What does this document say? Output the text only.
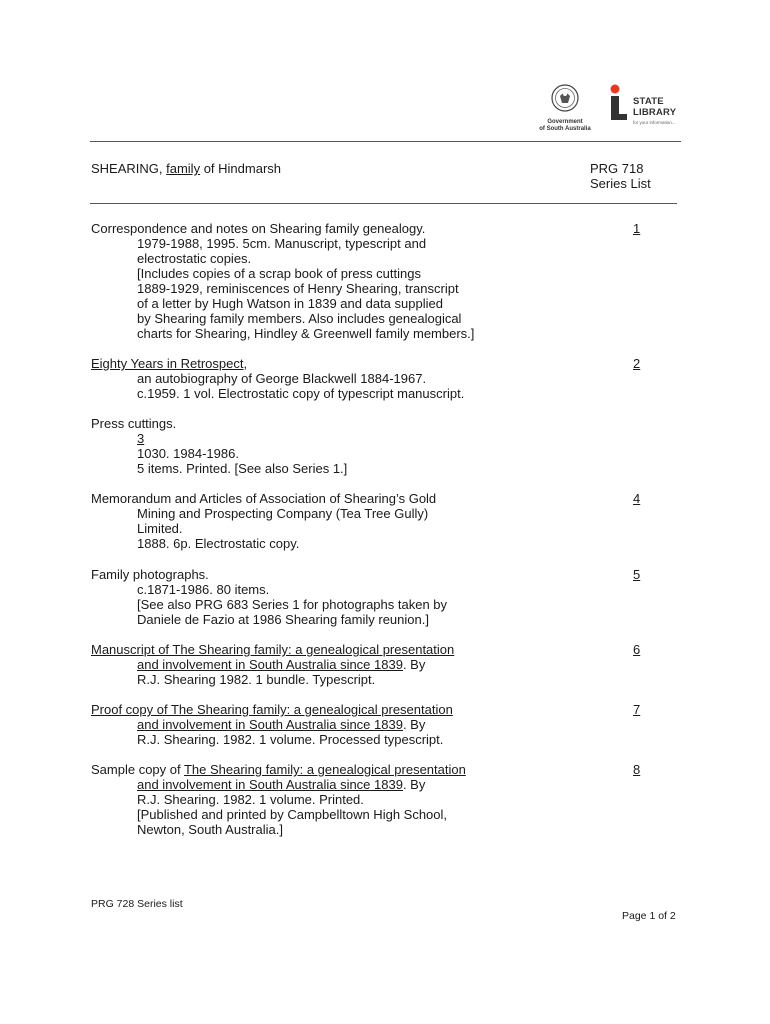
Government
of South Australia
STATE
LIBRARY
for your information...
SHEARING, family of Hindmarsh	PRG 718
Series List
Correspondence and notes on Shearing family genealogy.
1979-1988, 1995. 5cm. Manuscript, typescript and
electrostatic copies.
[Includes copies of a scrap book of press cuttings
1889-1929, reminiscences of Henry Shearing, transcript
of a letter by Hugh Watson in 1839 and data supplied
by Shearing family members. Also includes genealogical
charts for Shearing, Hindley & Greenwell family members.]
1
Eighty Years in Retrospect,
an autobiography of George Blackwell 1884-1967.
c.1959. 1 vol. Electrostatic copy of typescript manuscript.
2
Press cuttings.
3
1030. 1984-1986.
5 items. Printed. [See also Series 1.]
Memorandum and Articles of Association of Shearing’s Gold
Mining and Prospecting Company (Tea Tree Gully)
Limited.
1888. 6p. Electrostatic copy.
4
Family photographs.
c.1871-1986. 80 items.
[See also PRG 683 Series 1 for photographs taken by
Daniele de Fazio at 1986 Shearing family reunion.]
5
Manuscript of The Shearing family: a genealogical presentation
and involvement in South Australia since 1839. By
R.J. Shearing 1982. 1 bundle. Typescript.
6
Proof copy of The Shearing family: a genealogical presentation
and involvement in South Australia since 1839. By
R.J. Shearing. 1982. 1 volume. Processed typescript.
7
Sample copy of The Shearing family: a genealogical presentation
and involvement in South Australia since 1839. By
R.J. Shearing. 1982. 1 volume. Printed.
[Published and printed by Campbelltown High School,
Newton, South Australia.]
8
PRG 728 Series list
Page 1 of 2
